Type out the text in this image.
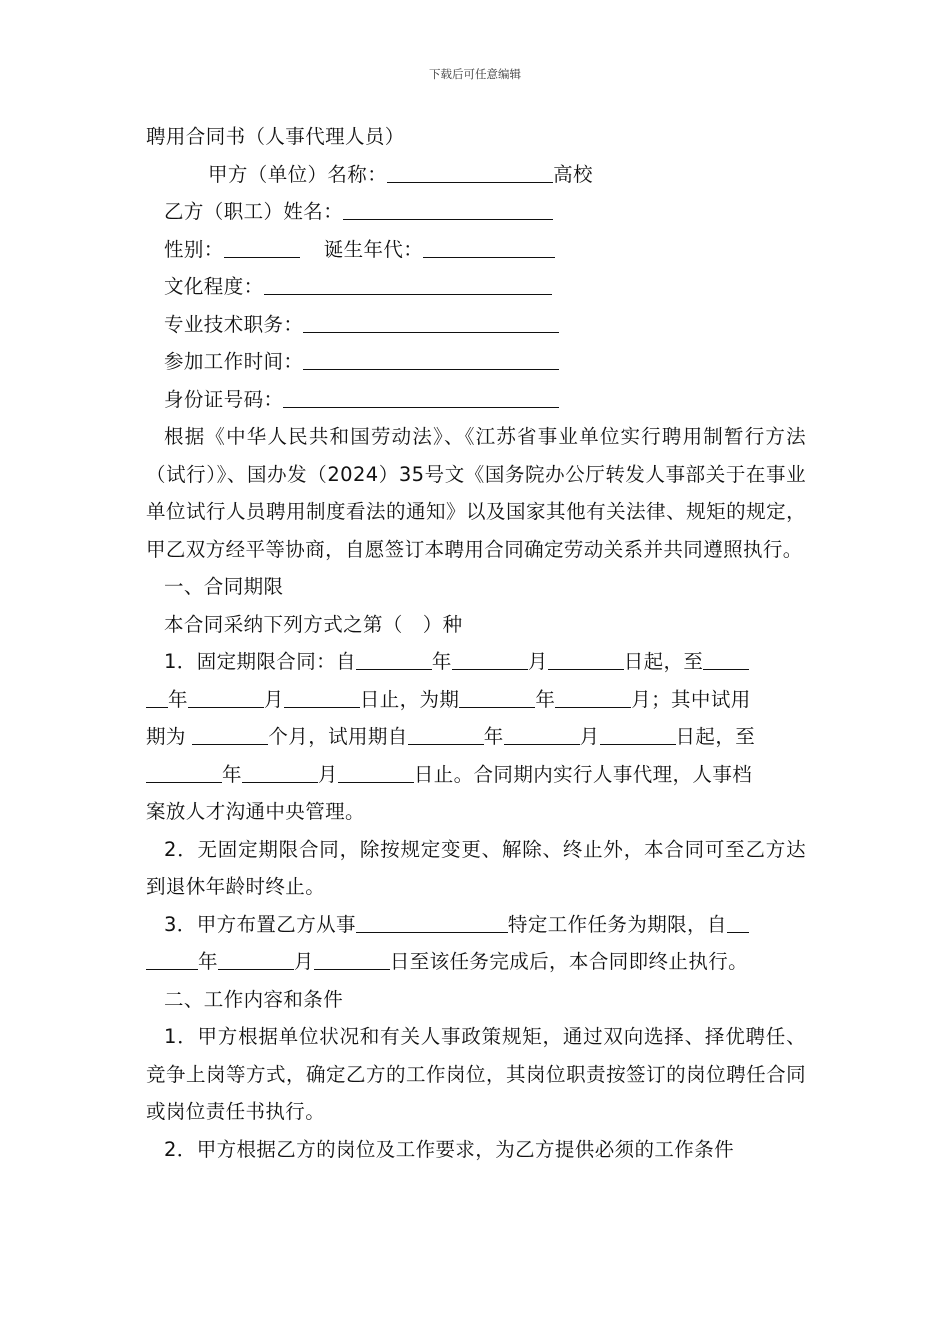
下载后可任意编辑
聘用合同书（人事代理人员）
甲方（单位）名称：	高校
乙方（职工）姓名：
性别：	诞生年代：
文化程度：
专业技术职务：
参加工作时间：
身份证号码：
根据《中华人民共和国劳动法》、《江苏省事业单位实行聘用制暂行方法（试行）》、国办发（2024）35号文《国务院办公厅转发人事部关于在事业单位试行人员聘用制度看法的通知》以及国家其他有关法律、规矩的规定，甲乙双方经平等协商，自愿签订本聘用合同确定劳动关系并共同遵照执行。
一、合同期限
本合同采纳下列方式之第（　）种
1．固定期限合同：自	年	月	日起，至
年	月	日止，为期	年	月；其中试用
期为	个月，试用期自	年	月	日起，至
年	月	日止。合同期内实行人事代理，人事档
案放人才沟通中央管理。
2．无固定期限合同，除按规定变更、解除、终止外，本合同可至乙方达到退休年龄时终止。
3．甲方布置乙方从事	特定工作任务为期限，自
年	月	日至该任务完成后，本合同即终止执行。
二、工作内容和条件
1．甲方根据单位状况和有关人事政策规矩，通过双向选择、择优聘任、竞争上岗等方式，确定乙方的工作岗位，其岗位职责按签订的岗位聘任合同或岗位责任书执行。
2．甲方根据乙方的岗位及工作要求，为乙方提供必须的工作条件
